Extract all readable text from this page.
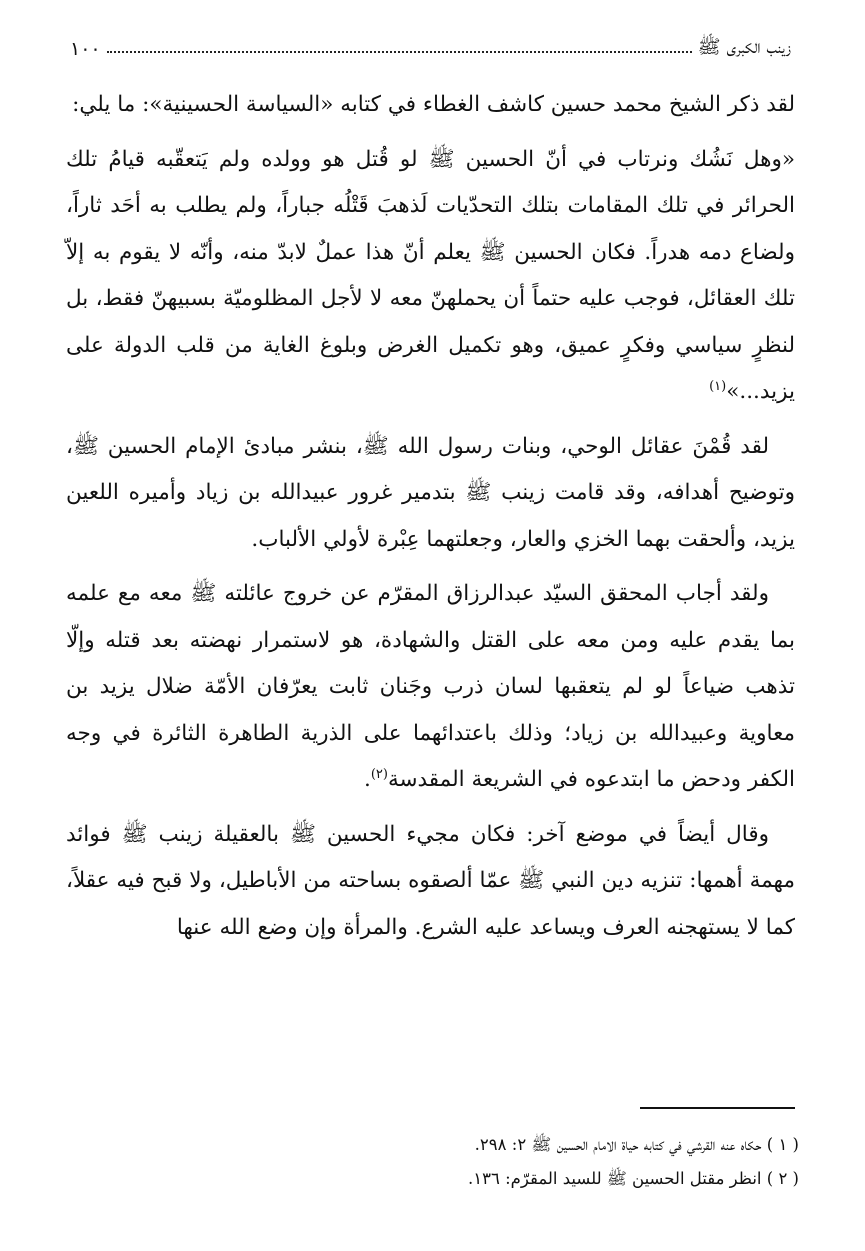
زينب الكبرى ﷺ
١٠٠

لقد ذكر الشيخ محمد حسين كاشف الغطاء في كتابه «السياسة الحسينية»: ما يلي:

«وهل نَشُك ونرتاب في أنّ الحسين ﷺ لو قُتل هو وولده ولم يَتعقّبه قيامُ تلك الحرائر في تلك المقامات بتلك التحدّيات لَذهبَ قَتْلُه جباراً، ولم يطلب به أحَد ثاراً، ولضاع دمه هدراً. فكان الحسين ﷺ يعلم أنّ هذا عملٌ لابدّ منه، وأنّه لا يقوم به إلاّ تلك العقائل، فوجب عليه حتماً أن يحملهنّ معه لا لأجل المظلوميّة بسبيهنّ فقط، بل لنظرٍ سياسي وفكرٍ عميق، وهو تكميل الغرض وبلوغ الغاية من قلب الدولة على يزيد...»$^{(١)}$

لقد قُمْنَ عقائل الوحي، وبنات رسول الله ﷺ، بنشر مبادئ الإمام الحسين ﷺ، وتوضيح أهدافه، وقد قامت زينب ﷺ بتدمير غرور عبيدالله بن زياد وأميره اللعين يزيد، وألحقت بهما الخزي والعار، وجعلتهما عِبْرة لأولي الألباب.

ولقد أجاب المحقق السيّد عبدالرزاق المقرّم عن خروج عائلته ﷺ معه مع علمه بما يقدم عليه ومن معه على القتل والشهادة، هو لاستمرار نهضته بعد قتله وإلّا تذهب ضياعاً لو لم يتعقبها لسان ذرب وجَنان ثابت يعرّفان الأمّة ضلال يزيد بن معاوية وعبيدالله بن زياد؛ وذلك باعتدائهما على الذرية الطاهرة الثائرة في وجه الكفر ودحض ما ابتدعوه في الشريعة المقدسة$^{(٢)}$.

وقال أيضاً في موضع آخر: فكان مجيء الحسين ﷺ بالعقيلة زينب ﷺ فوائد مهمة أهمها: تنزيه دين النبي ﷺ عمّا ألصقوه بساحته من الأباطيل، ولا قبح فيه عقلاً، كما لا يستهجنه العرف ويساعد عليه الشرع. والمرأة وإن وضع الله عنها

( ١ ) حكاه عنه القرشي في كتابه حياة الامام الحسين ﷺ ٢: ٢٩٨.

( ٢ ) انظر مقتل الحسين ﷺ للسيد المقرّم: ١٣٦.
